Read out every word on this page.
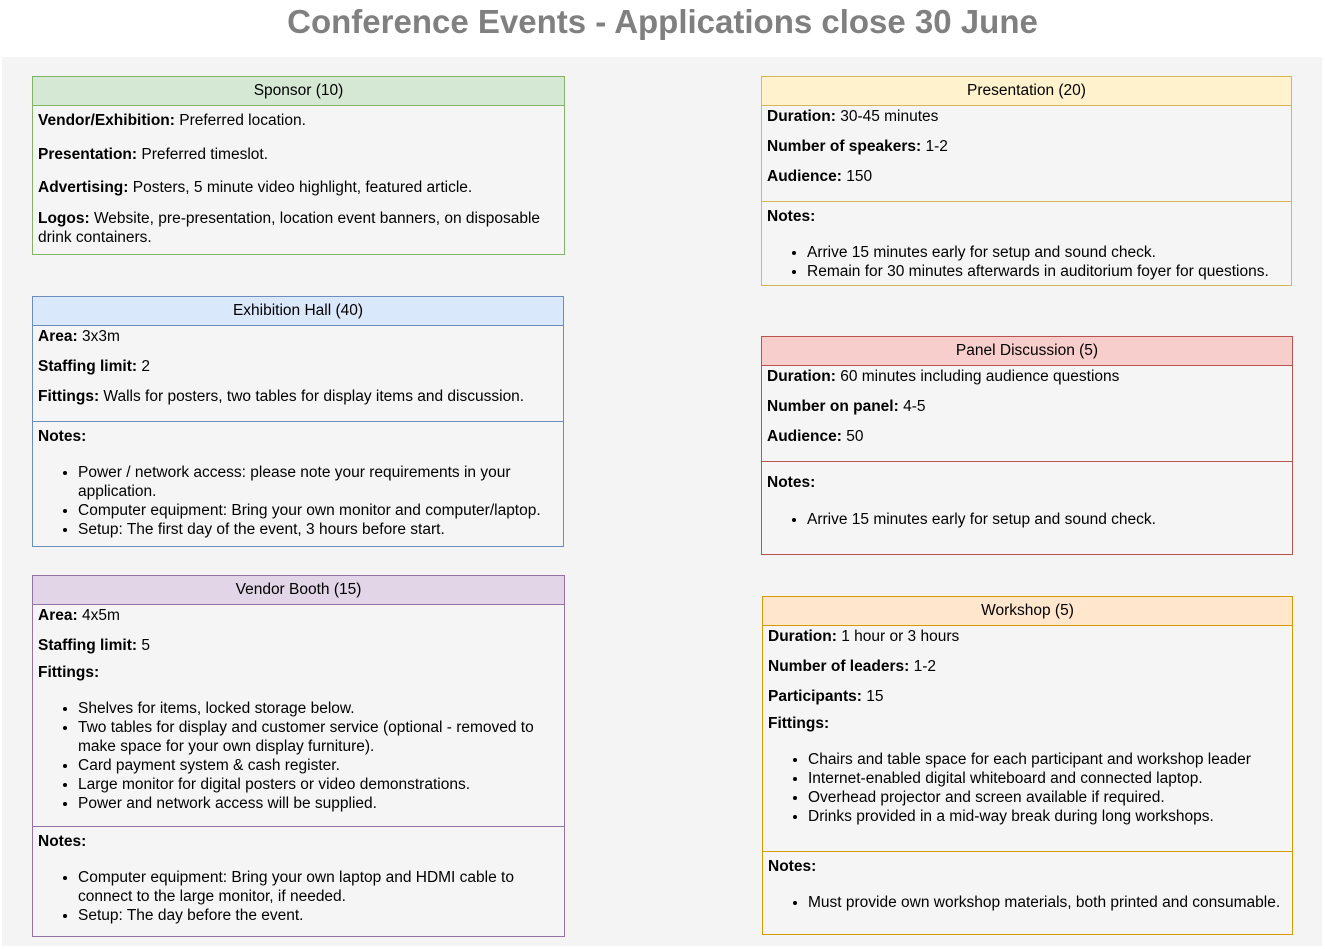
Conference Events - Applications close 30 June
Sponsor (10)
Vendor/Exhibition: Preferred location.
Presentation: Preferred timeslot.
Advertising: Posters, 5 minute video highlight, featured article.
Logos: Website, pre-presentation, location event banners, on disposable drink containers.
Exhibition Hall (40)
Area: 3x3m
Staffing limit: 2
Fittings: Walls for posters, two tables for display items and discussion.
Notes:
• Power / network access: please note your requirements in your application.
• Computer equipment: Bring your own monitor and computer/laptop.
• Setup: The first day of the event, 3 hours before start.
Vendor Booth (15)
Area: 4x5m
Staffing limit: 5
Fittings:
• Shelves for items, locked storage below.
• Two tables for display and customer service (optional - removed to make space for your own display furniture).
• Card payment system & cash register.
• Large monitor for digital posters or video demonstrations.
• Power and network access will be supplied.
Notes:
• Computer equipment: Bring your own laptop and HDMI cable to connect to the large monitor, if needed.
• Setup: The day before the event.
Presentation (20)
Duration: 30-45 minutes
Number of speakers: 1-2
Audience: 150
Notes:
• Arrive 15 minutes early for setup and sound check.
• Remain for 30 minutes afterwards in auditorium foyer for questions.
Panel Discussion (5)
Duration: 60 minutes including audience questions
Number on panel: 4-5
Audience: 50
Notes:
• Arrive 15 minutes early for setup and sound check.
Workshop (5)
Duration: 1 hour or 3 hours
Number of leaders: 1-2
Participants: 15
Fittings:
• Chairs and table space for each participant and workshop leader
• Internet-enabled digital whiteboard and connected laptop.
• Overhead projector and screen available if required.
• Drinks provided in a mid-way break during long workshops.
Notes:
• Must provide own workshop materials, both printed and consumable.
